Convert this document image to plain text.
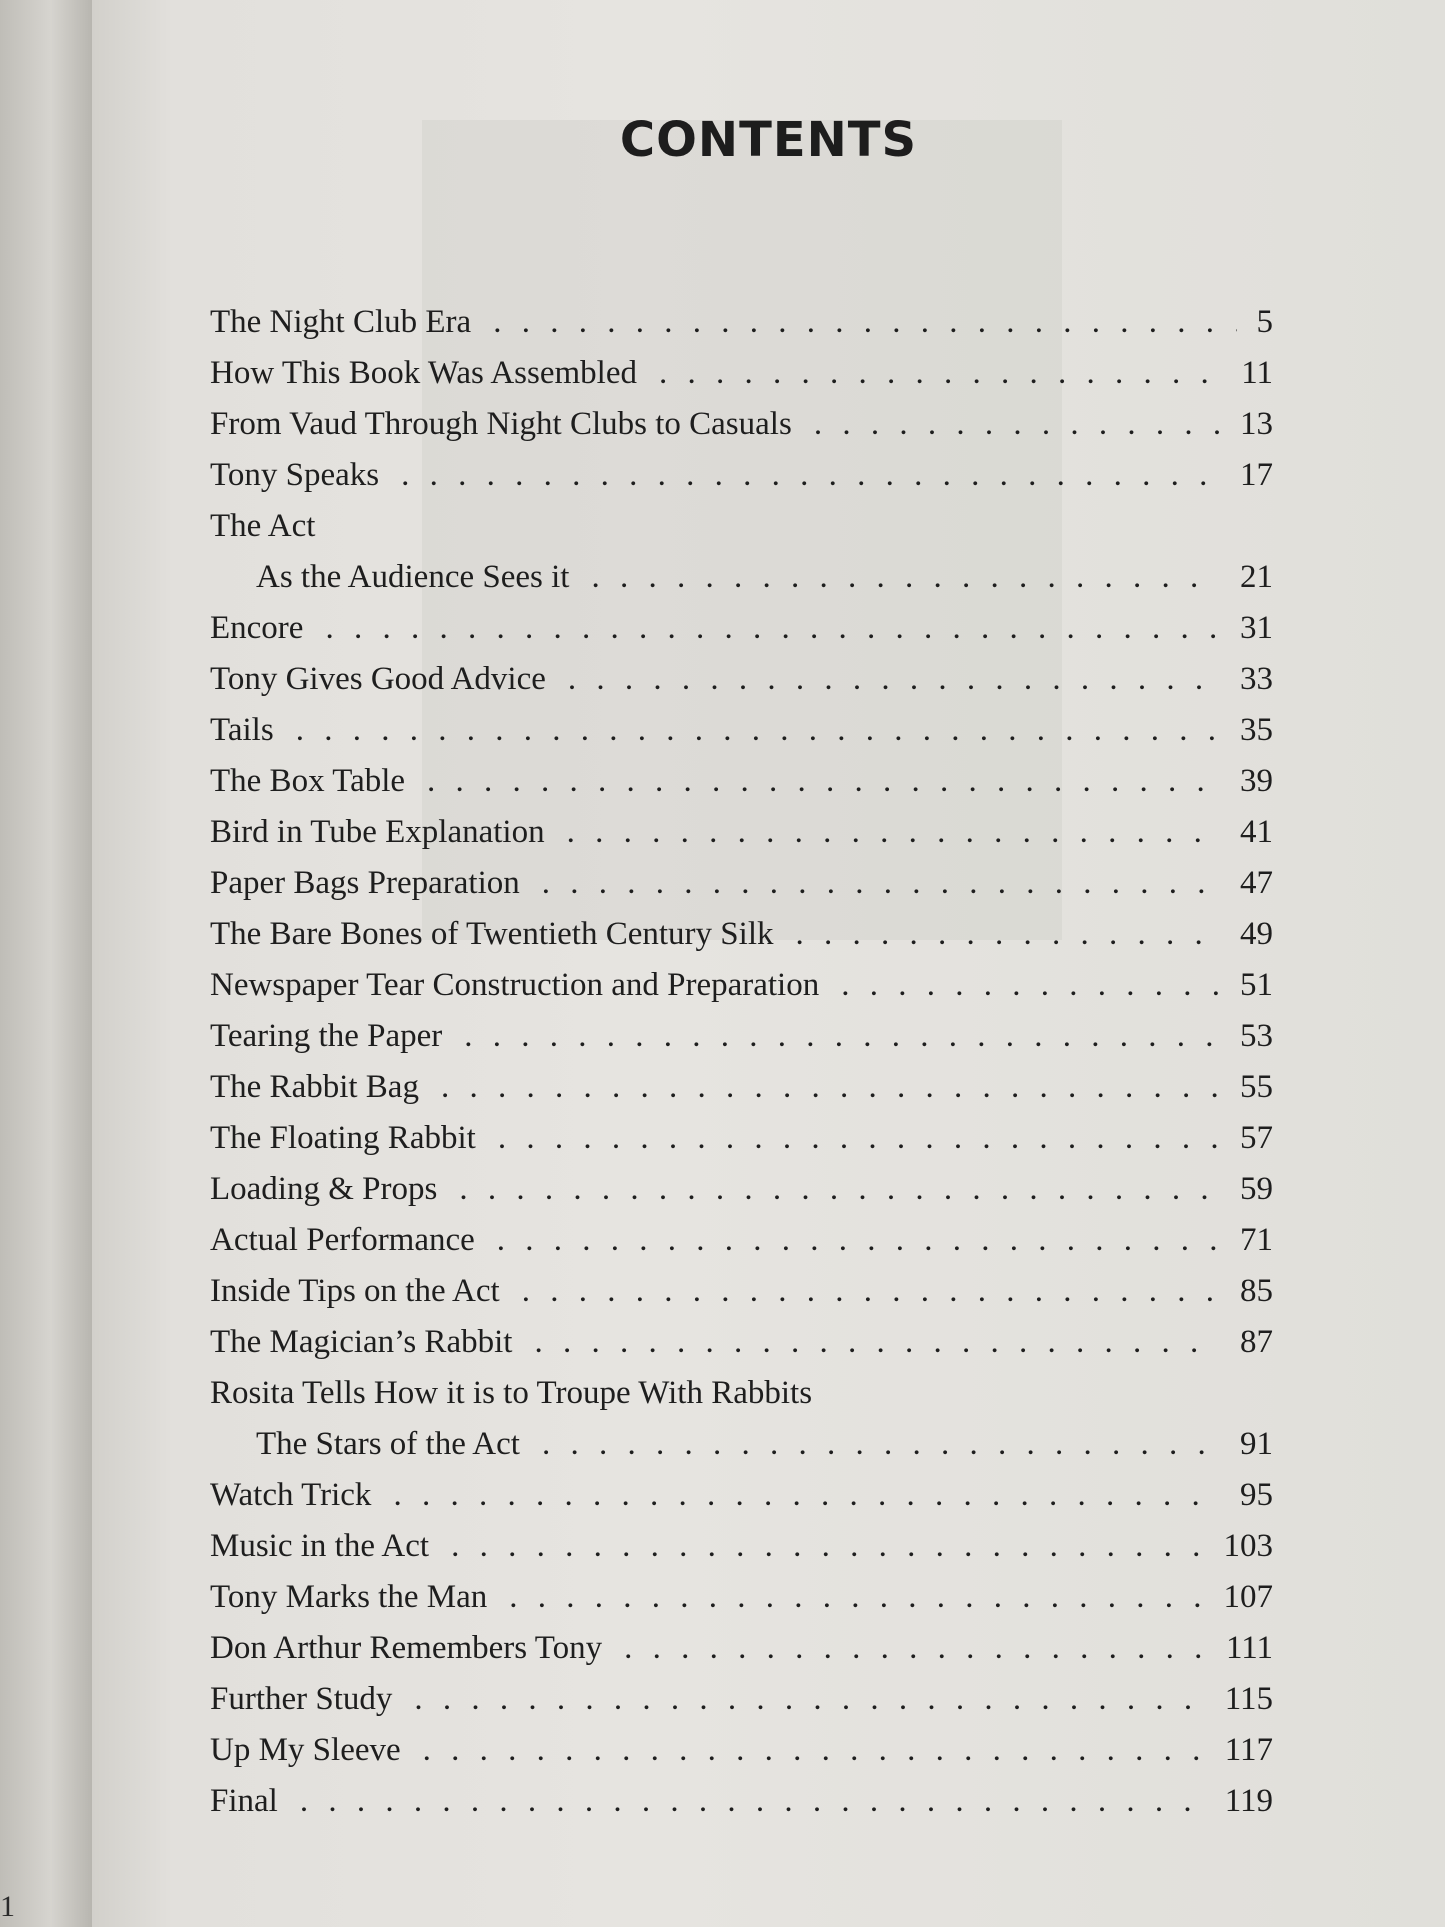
1
CONTENTS
The Night Club Era . . .	5
How This Book Was Assembled . . .	11
From Vaud Through Night Clubs to Casuals . . .	13
Tony Speaks . . .	17
The Act
As the Audience Sees it . . .	21
Encore . . .	31
Tony Gives Good Advice . . .	33
Tails . . .	35
The Box Table . . .	39
Bird in Tube Explanation . . .	41
Paper Bags Preparation . . .	47
The Bare Bones of Twentieth Century Silk . . .	49
Newspaper Tear Construction and Preparation . . .	51
Tearing the Paper . . .	53
The Rabbit Bag . . .	55
The Floating Rabbit . . .	57
Loading & Props . . .	59
Actual Performance . . .	71
Inside Tips on the Act . . .	85
The Magician’s Rabbit . . .	87
Rosita Tells How it is to Troupe With Rabbits
The Stars of the Act . . .	91
Watch Trick . . .	95
Music in the Act . . .	103
Tony Marks the Man . . .	107
Don Arthur Remembers Tony . . .	111
Further Study . . .	115
Up My Sleeve . . .	117
Final . . .	119
